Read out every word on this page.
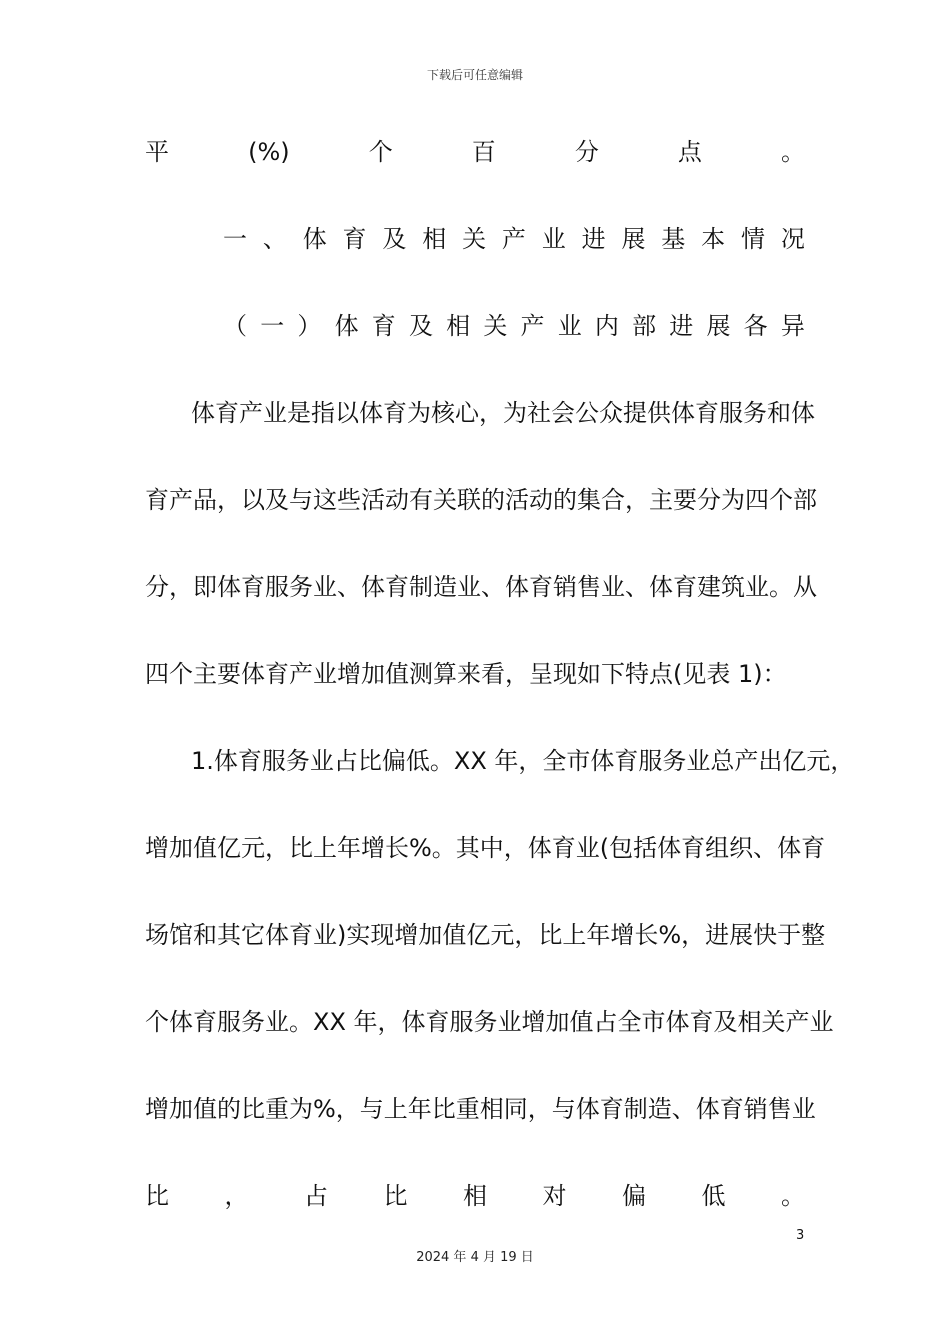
下载后可任意编辑
平	(%)	个	百	分	点	。
一 、 体 育 及 相 关 产 业 进 展 基 本 情 况
（ 一 ） 体 育 及 相 关 产 业 内 部 进 展 各 异
体育产业是指以体育为核心，为社会公众提供体育服务和体
育产品，以及与这些活动有关联的活动的集合，主要分为四个部
分，即体育服务业、体育制造业、体育销售业、体育建筑业。从
四个主要体育产业增加值测算来看，呈现如下特点(见表 1)：
1.体育服务业占比偏低。XX 年，全市体育服务业总产出亿元，
增加值亿元，比上年增长%。其中，体育业(包括体育组织、体育
场馆和其它体育业)实现增加值亿元，比上年增长%，进展快于整
个体育服务业。XX 年，体育服务业增加值占全市体育及相关产业
增加值的比重为%，与上年比重相同，与体育制造、体育销售业
比 ， 占 比 相 对 偏 低 。
3
2024 年 4 月 19 日
